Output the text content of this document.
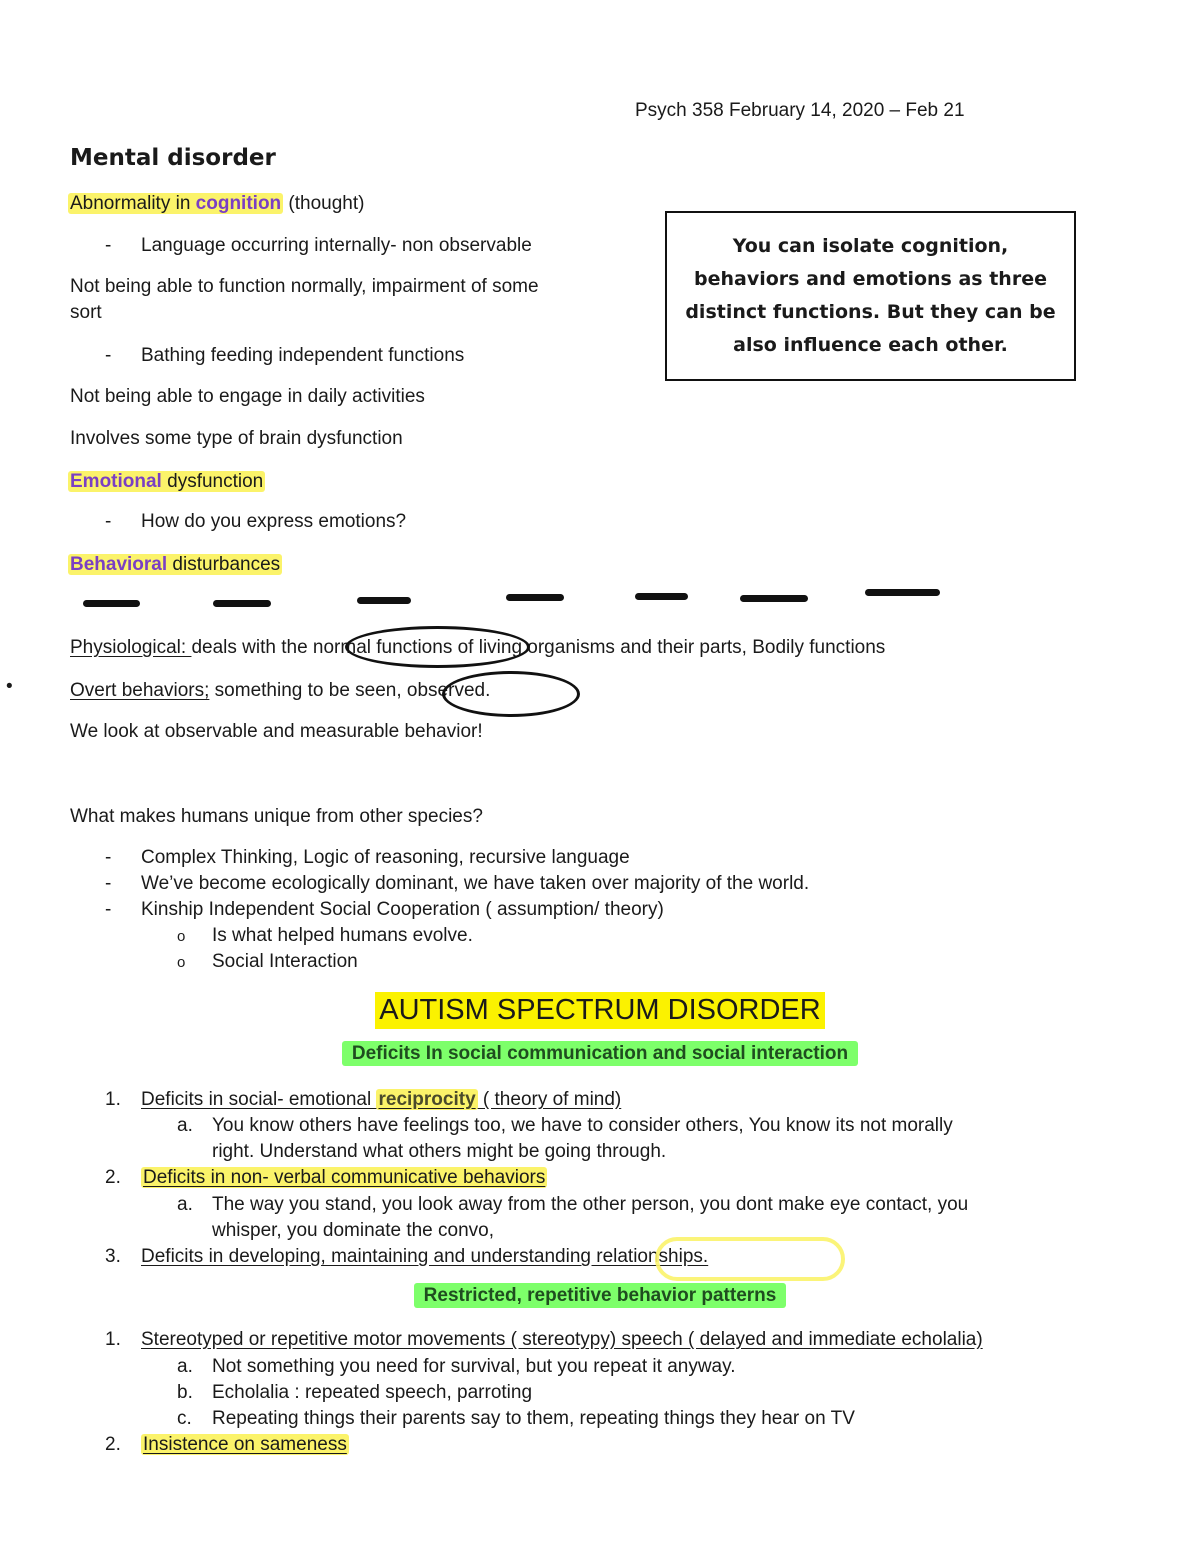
Psych 358 February 14, 2020 – Feb 21
Mental disorder
You can isolate cognition, behaviors and emotions as three distinct functions. But they can be also influence each other.
Abnormality in cognition (thought)
- Language occurring internally- non observable
Not being able to function normally, impairment of some
sort
- Bathing feeding independent functions
Not being able to engage in daily activities
Involves some type of brain dysfunction
Emotional dysfunction
- How do you express emotions?
Behavioral disturbances
Physiological: deals with the normal functions of living organisms and their parts, Bodily functions
•	Overt behaviors; something to be seen, observed.
We look at observable and measurable behavior!
What makes humans unique from other species?
- Complex Thinking, Logic of reasoning, recursive language
- We’ve become ecologically dominant, we have taken over majority of the world.
- Kinship Independent Social Cooperation ( assumption/ theory)
o Is what helped humans evolve.
o Social Interaction
AUTISM SPECTRUM DISORDER
Deficits In social communication and social interaction
1. Deficits in social- emotional reciprocity ( theory of mind)
a. You know others have feelings too, we have to consider others, You know its not morally
right. Understand what others might be going through.
2. Deficits in non- verbal communicative behaviors
a. The way you stand, you look away from the other person, you dont make eye contact, you
whisper, you dominate the convo,
3. Deficits in developing, maintaining and understanding relationships.
Restricted, repetitive behavior patterns
1. Stereotyped or repetitive motor movements ( stereotypy) speech ( delayed and immediate echolalia)
a. Not something you need for survival, but you repeat it anyway.
b. Echolalia : repeated speech, parroting
c. Repeating things their parents say to them, repeating things they hear on TV
2. Insistence on sameness
